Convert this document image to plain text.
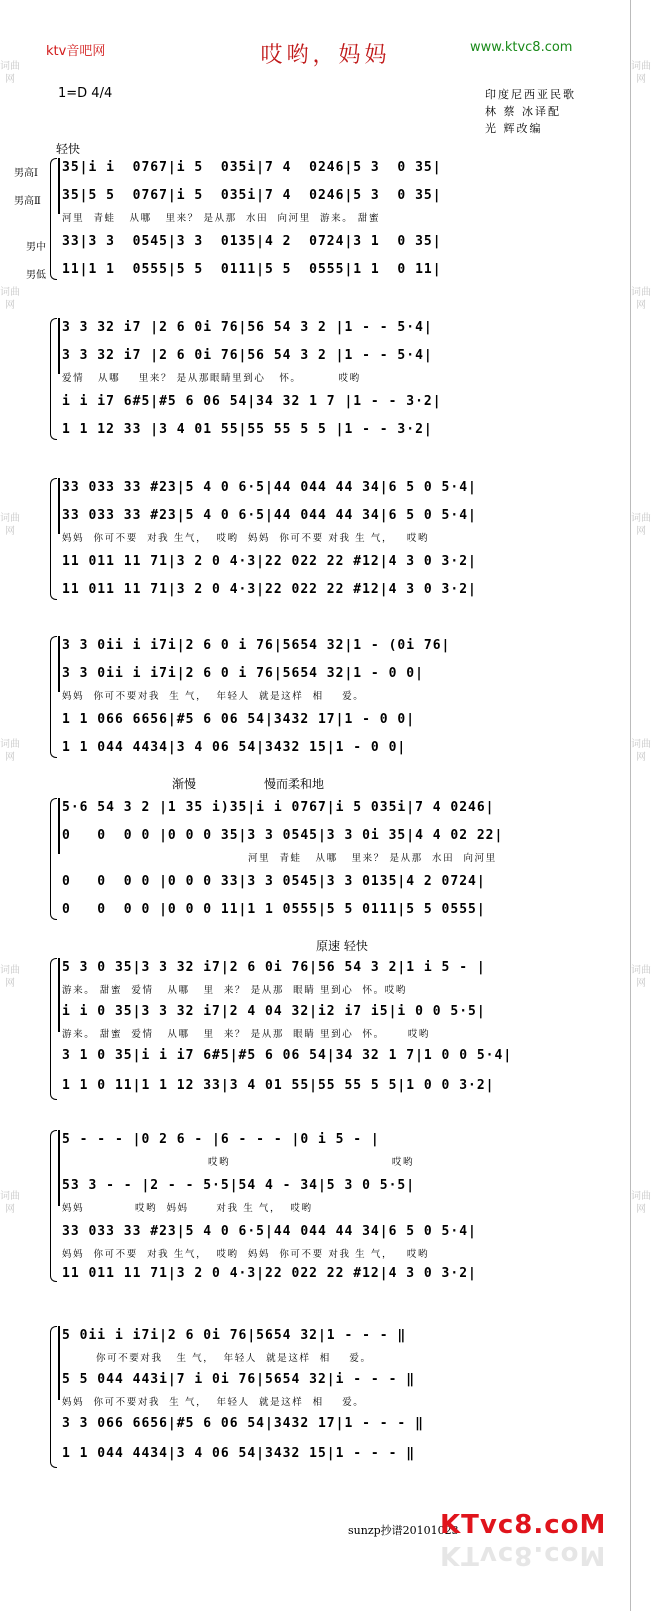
词曲网
词曲网
词曲网
词曲网
词曲网
词曲网
词曲网
词曲网
词曲网
词曲网
词曲网
词曲网
ktv音吧网	哎哟，妈妈	www.ktvc8.com
1=D 4/4	印度尼西亚民歌
林 蔡 冰译配
光 辉改编
轻快
男高Ⅰ
男高Ⅱ
男中
男低
35|i i  0767|i 5  035i|7 4  0246|5 3  0 35|
35|5 5  0767|i 5  035i|7 4  0246|5 3  0 35|
河里  青蛙   从哪   里来？ 是从那  水田  向河里  游来。 甜蜜
33|3 3  0545|3 3  0135|4 2  0724|3 1  0 35|
11|1 1  0555|5 5  0111|5 5  0555|1 1  0 11|
3 3 32 i7 |2 6 0i 76|56 54 3 2 |1 - - 5·4|
3 3 32 i7 |2 6 0i 76|56 54 3 2 |1 - - 5·4|
爱情   从哪    里来？ 是从那眼睛里到心   怀。        哎哟
i i i7 6#5|#5 6 06 54|34 32 1 7 |1 - - 3·2|
1 1 12 33 |3 4 01 55|55 55 5 5 |1 - - 3·2|
33 033 33 #23|5 4 0 6·5|44 044 44 34|6 5 0 5·4|
33 033 33 #23|5 4 0 6·5|44 044 44 34|6 5 0 5·4|
妈妈  你可不要  对我 生气，  哎哟  妈妈  你可不要 对我 生 气，   哎哟
11 011 11 71|3 2 0 4·3|22 022 22 #12|4 3 0 3·2|
11 011 11 71|3 2 0 4·3|22 022 22 #12|4 3 0 3·2|
3 3 0ii i i7i|2 6 0 i 76|5654 32|1 - (0i 76|
3 3 0ii i i7i|2 6 0 i 76|5654 32|1 - 0 0|
妈妈  你可不要对我  生 气，  年轻人  就是这样  相    爱。
1 1 066 6656|#5 6 06 54|3432 17|1 - 0 0|
1 1 044 4434|3 4 06 54|3432 15|1 - 0 0|
渐慢	慢而柔和地
5·6 54 3 2 |1 35 i)35|i i 0767|i 5 035i|7 4 0246|
0   0  0 0 |0 0 0 35|3 3 0545|3 3 0i 35|4 4 02 22|
河里  青蛙   从哪   里来？ 是从那  水田  向河里
0   0  0 0 |0 0 0 33|3 3 0545|3 3 0135|4 2 0724|
0   0  0 0 |0 0 0 11|1 1 0555|5 5 0111|5 5 0555|
原速 轻快
5 3 0 35|3 3 32 i7|2 6 0i 76|56 54 3 2|1 i 5 - |
游来。 甜蜜  爱情   从哪   里  来？ 是从那  眼睛 里到心  怀。哎哟
i i 0 35|3 3 32 i7|2 4 04 32|i2 i7 i5|i 0 0 5·5|
游来。 甜蜜  爱情   从哪   里  来？ 是从那  眼睛 里到心  怀。     哎哟
3 1 0 35|i i i7 6#5|#5 6 06 54|34 32 1 7|1 0 0 5·4|
1 1 0 11|1 1 12 33|3 4 01 55|55 55 5 5|1 0 0 3·2|
5 - - - |0 2 6 - |6 - - - |0 i 5 - |
哎哟                                   哎哟
53 3 - - |2 - - 5·5|54 4 - 34|5 3 0 5·5|
妈妈           哎哟  妈妈      对我 生 气，  哎哟
33 033 33 #23|5 4 0 6·5|44 044 44 34|6 5 0 5·4|
妈妈  你可不要  对我 生气，  哎哟  妈妈  你可不要 对我 生 气，   哎哟
11 011 11 71|3 2 0 4·3|22 022 22 #12|4 3 0 3·2|
5 0ii i i7i|2 6 0i 76|5654 32|1 - - - ‖
你可不要对我   生 气，  年轻人  就是这样  相    爱。
5 5 044 443i|7 i 0i 76|5654 32|i - - - ‖
妈妈  你可不要对我  生 气，  年轻人  就是这样  相    爱。
3 3 066 6656|#5 6 06 54|3432 17|1 - - - ‖
1 1 044 4434|3 4 06 54|3432 15|1 - - - ‖
sunzp抄谱20101023
KTvc8.coM
KTvc8.coM
